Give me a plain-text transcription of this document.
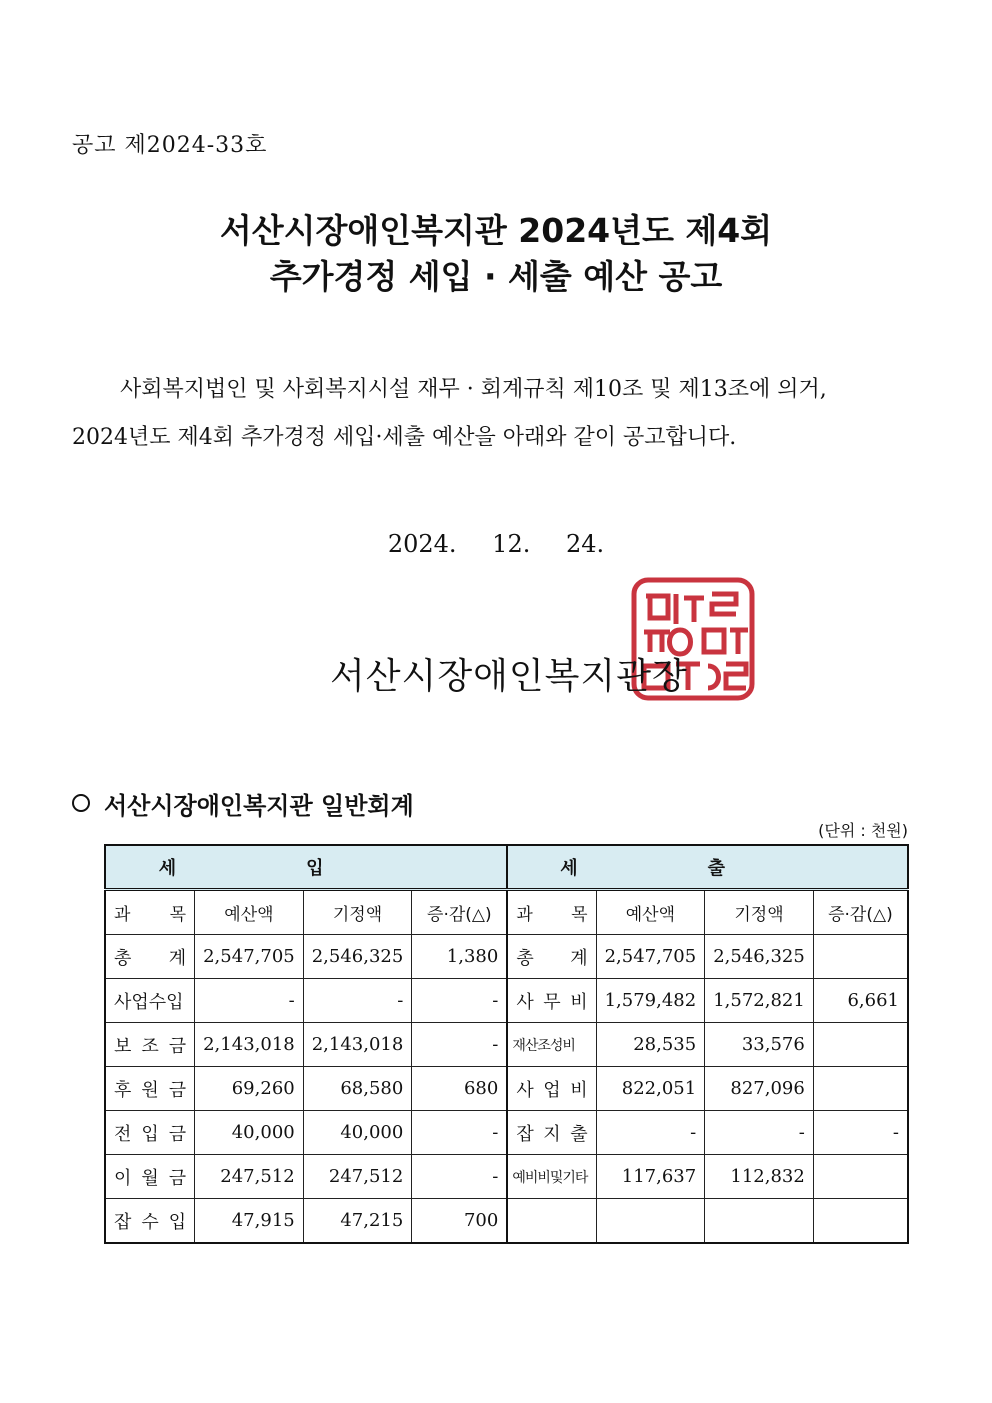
공고 제2024-33호
서산시장애인복지관 2024년도 제4회
추가경정 세입 · 세출 예산 공고

사회복지법인 및 사회복지시설 재무 · 회계규칙 제10조 및 제13조에 의거,

2024년도 제4회 추가경정 세입·세출 예산을 아래와 같이 공고합니다.

2024. 12. 24.
서산시장애인복지관장
서산시장애인복지관 일반회계
(단위 : 천원)
세입				세출			
과 목	예산액	기정액	증·감(△)	과 목	예산액	기정액	증·감(△)
총 계	2,547,705	2,546,325	1,380	총 계	2,547,705	2,546,325	
사업수입	-	-	-	사 무 비	1,579,482	1,572,821	6,661
보 조 금	2,143,018	2,143,018	-	재산조성비	28,535	33,576	
후 원 금	69,260	68,580	680	사 업 비	822,051	827,096	
전 입 금	40,000	40,000	-	잡 지 출	-	-	-
이 월 금	247,512	247,512	-	예비비및기타	117,637	112,832	
잡 수 입	47,915	47,215	700				
